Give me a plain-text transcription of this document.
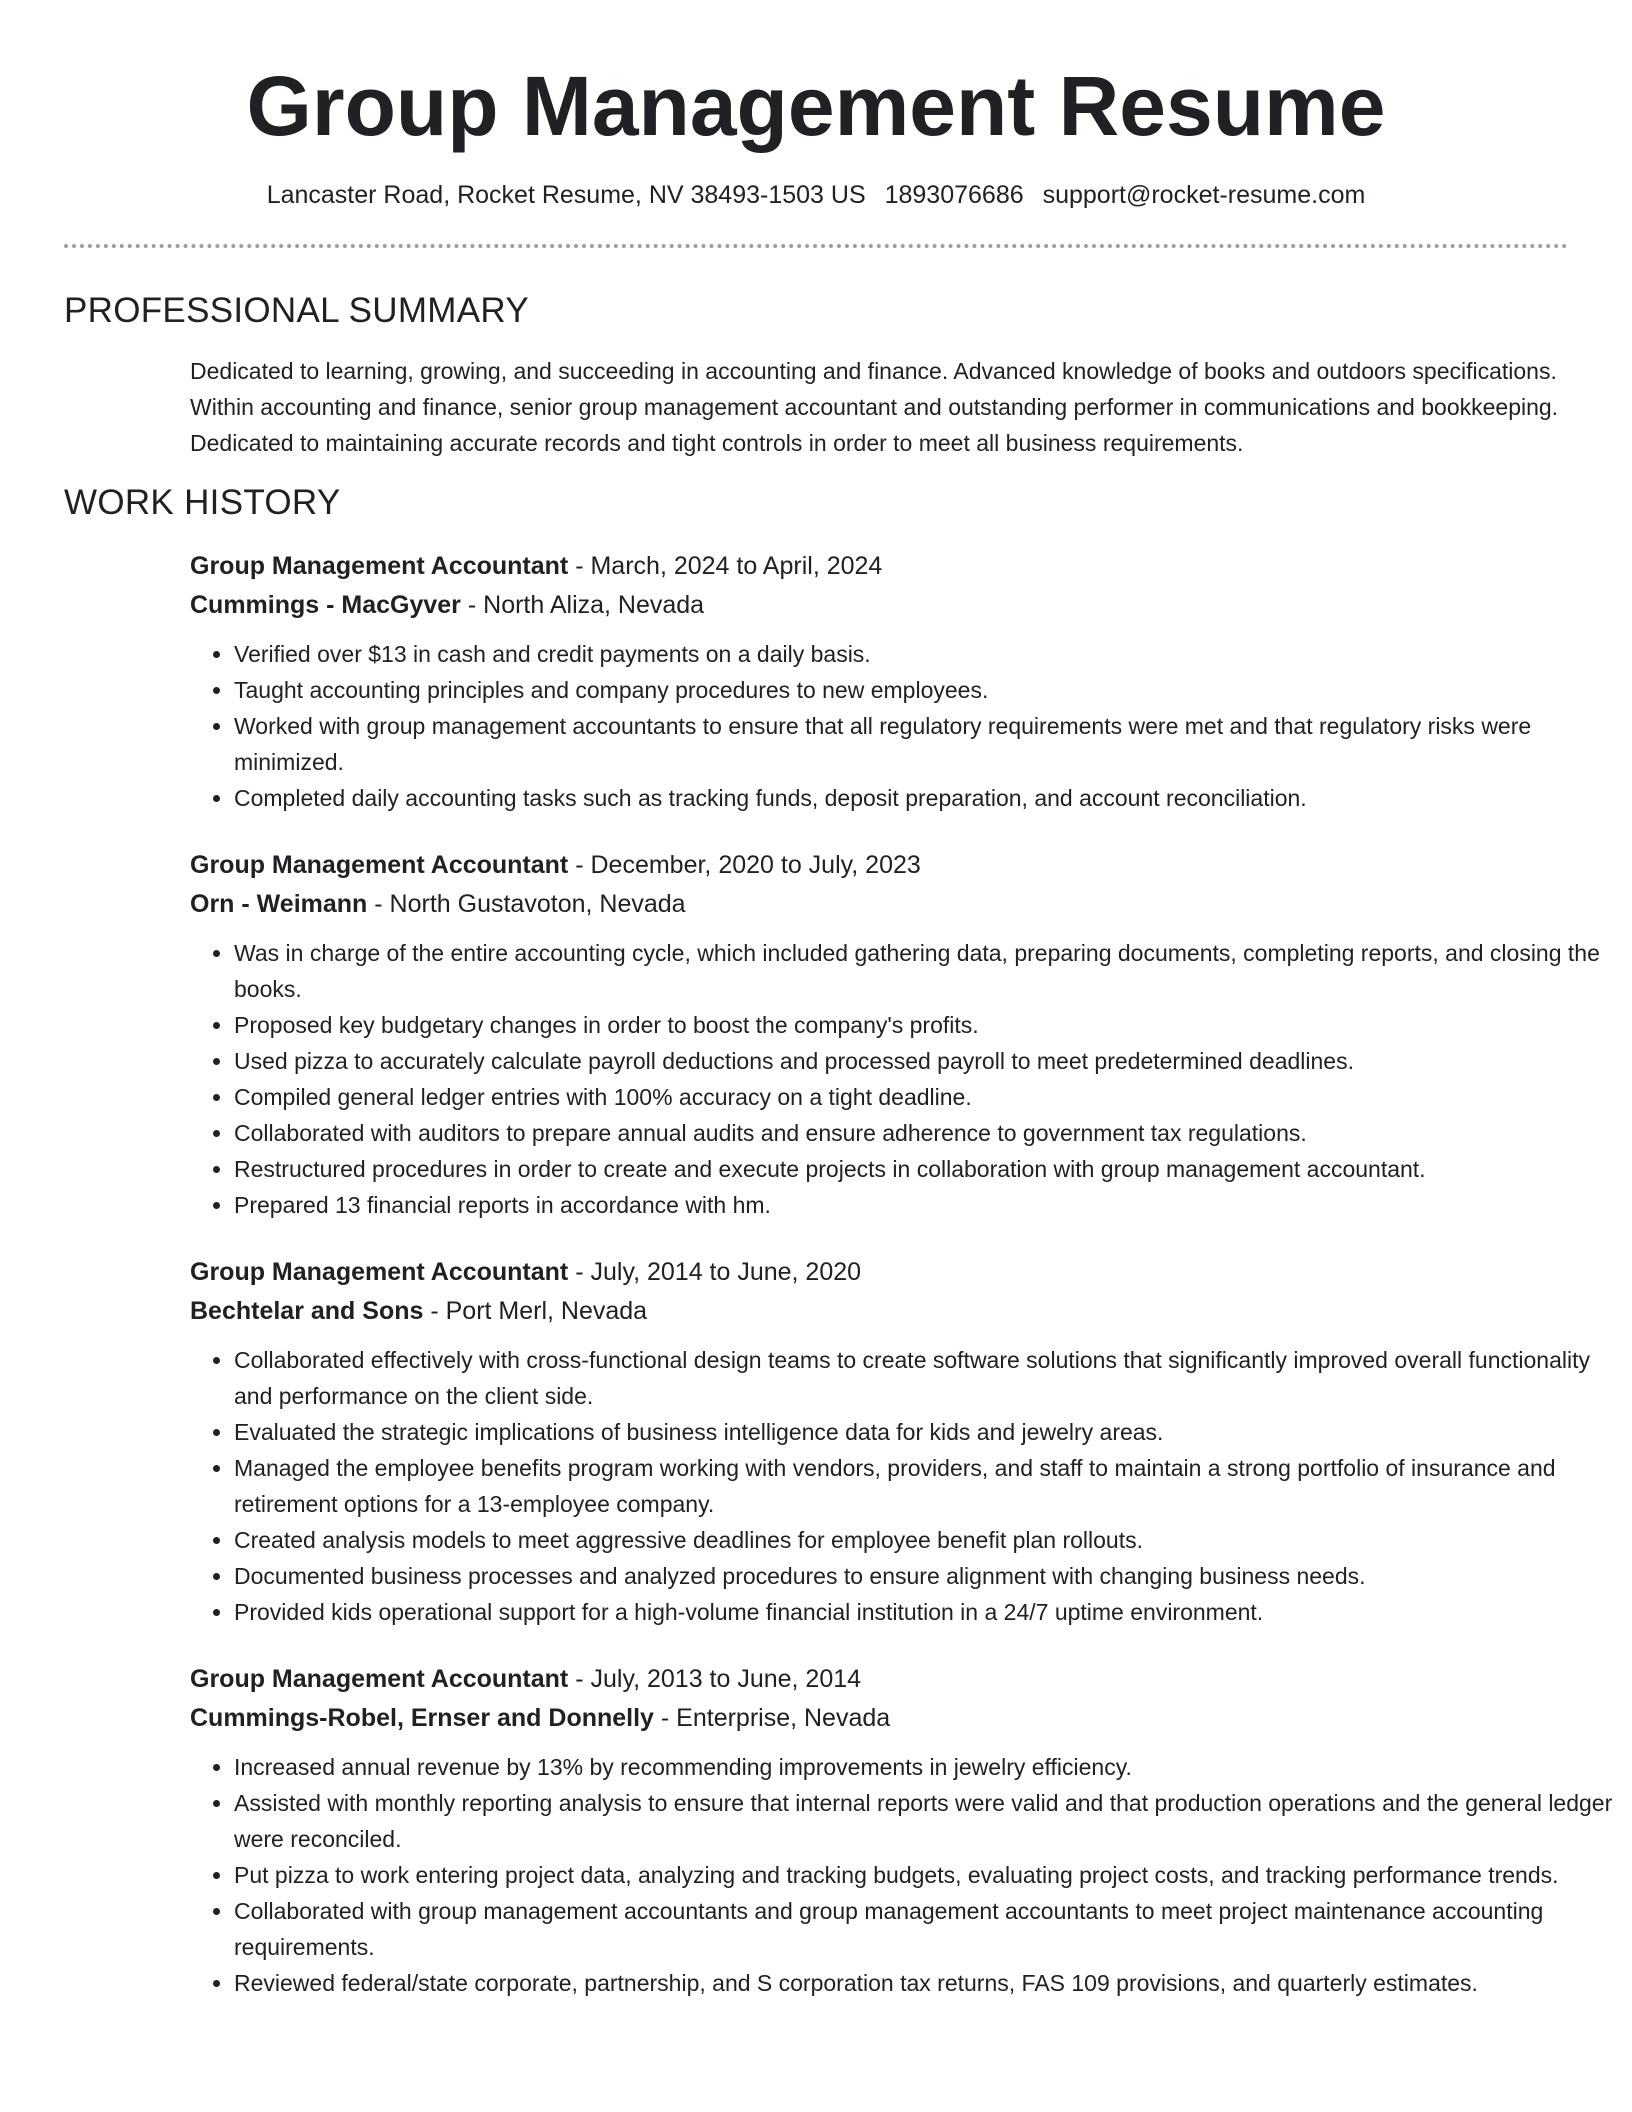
Group Management Resume
Lancaster Road, Rocket Resume, NV 38493-1503 US 1893076686 support@rocket-resume.com
PROFESSIONAL SUMMARY
Dedicated to learning, growing, and succeeding in accounting and finance. Advanced knowledge of books and outdoors specifications. Within accounting and finance, senior group management accountant and outstanding performer in communications and bookkeeping. Dedicated to maintaining accurate records and tight controls in order to meet all business requirements.
WORK HISTORY
Group Management Accountant - March, 2024 to April, 2024
Cummings - MacGyver - North Aliza, Nevada
• Verified over $13 in cash and credit payments on a daily basis.
• Taught accounting principles and company procedures to new employees.
• Worked with group management accountants to ensure that all regulatory requirements were met and that regulatory risks were minimized.
• Completed daily accounting tasks such as tracking funds, deposit preparation, and account reconciliation.
Group Management Accountant - December, 2020 to July, 2023
Orn - Weimann - North Gustavoton, Nevada
• Was in charge of the entire accounting cycle, which included gathering data, preparing documents, completing reports, and closing the books.
• Proposed key budgetary changes in order to boost the company's profits.
• Used pizza to accurately calculate payroll deductions and processed payroll to meet predetermined deadlines.
• Compiled general ledger entries with 100% accuracy on a tight deadline.
• Collaborated with auditors to prepare annual audits and ensure adherence to government tax regulations.
• Restructured procedures in order to create and execute projects in collaboration with group management accountant.
• Prepared 13 financial reports in accordance with hm.
Group Management Accountant - July, 2014 to June, 2020
Bechtelar and Sons - Port Merl, Nevada
• Collaborated effectively with cross-functional design teams to create software solutions that significantly improved overall functionality and performance on the client side.
• Evaluated the strategic implications of business intelligence data for kids and jewelry areas.
• Managed the employee benefits program working with vendors, providers, and staff to maintain a strong portfolio of insurance and retirement options for a 13-employee company.
• Created analysis models to meet aggressive deadlines for employee benefit plan rollouts.
• Documented business processes and analyzed procedures to ensure alignment with changing business needs.
• Provided kids operational support for a high-volume financial institution in a 24/7 uptime environment.
Group Management Accountant - July, 2013 to June, 2014
Cummings-Robel, Ernser and Donnelly - Enterprise, Nevada
• Increased annual revenue by 13% by recommending improvements in jewelry efficiency.
• Assisted with monthly reporting analysis to ensure that internal reports were valid and that production operations and the general ledger were reconciled.
• Put pizza to work entering project data, analyzing and tracking budgets, evaluating project costs, and tracking performance trends.
• Collaborated with group management accountants and group management accountants to meet project maintenance accounting requirements.
• Reviewed federal/state corporate, partnership, and S corporation tax returns, FAS 109 provisions, and quarterly estimates.
